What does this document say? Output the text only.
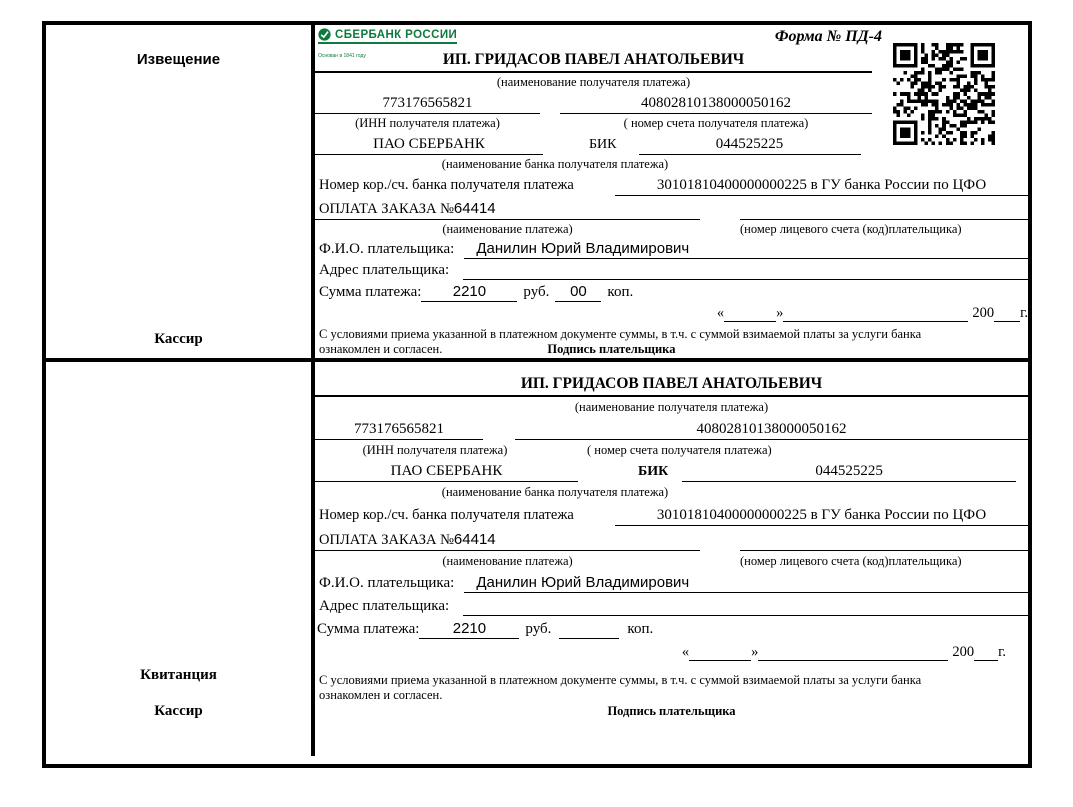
Извещение
Кассир
СБЕРБАНК РОССИИ
Основан в 1841 году
Форма № ПД-4
ИП. ГРИДАСОВ ПАВЕЛ АНАТОЛЬЕВИЧ
(наименование получателя платежа)
773176565821	40802810138000050162
(ИНН получателя платежа)	( номер счета получателя платежа)
ПАО СБЕРБАНК	БИК	044525225
(наименование банка получателя платежа)
Номер кор./сч. банка получателя платежа	30101810400000000225 в ГУ банка России по ЦФО
ОПЛАТА ЗАКАЗА №64414
(наименование платежа)	(номер лицевого счета (код)плательщика)
Ф.И.О. плательщика:	Данилин Юрий Владимирович
Адрес плательщика:
Сумма платежа:	2210	руб.	00	коп.
«	»	200 г.
С условиями приема указанной в платежном документе суммы, в т.ч. с суммой взимаемой платы за услуги банка
ознакомлен и согласен.	Подпись плательщика
Квитанция
Кассир
ИП. ГРИДАСОВ ПАВЕЛ АНАТОЛЬЕВИЧ
(наименование получателя платежа)
773176565821	40802810138000050162
(ИНН получателя платежа)	( номер счета получателя платежа)
ПАО СБЕРБАНК	БИК	044525225
(наименование банка получателя платежа)
Номер кор./сч. банка получателя платежа	30101810400000000225 в ГУ банка России по ЦФО
ОПЛАТА ЗАКАЗА №64414
(наименование платежа)	(номер лицевого счета (код)плательщика)
Ф.И.О. плательщика:	Данилин Юрий Владимирович
Адрес плательщика:
Сумма платежа:	2210	руб.	коп.
«	»	200 г.
С условиями приема указанной в платежном документе суммы, в т.ч. с суммой взимаемой платы за услуги банка
ознакомлен и согласен.
Подпись плательщика
